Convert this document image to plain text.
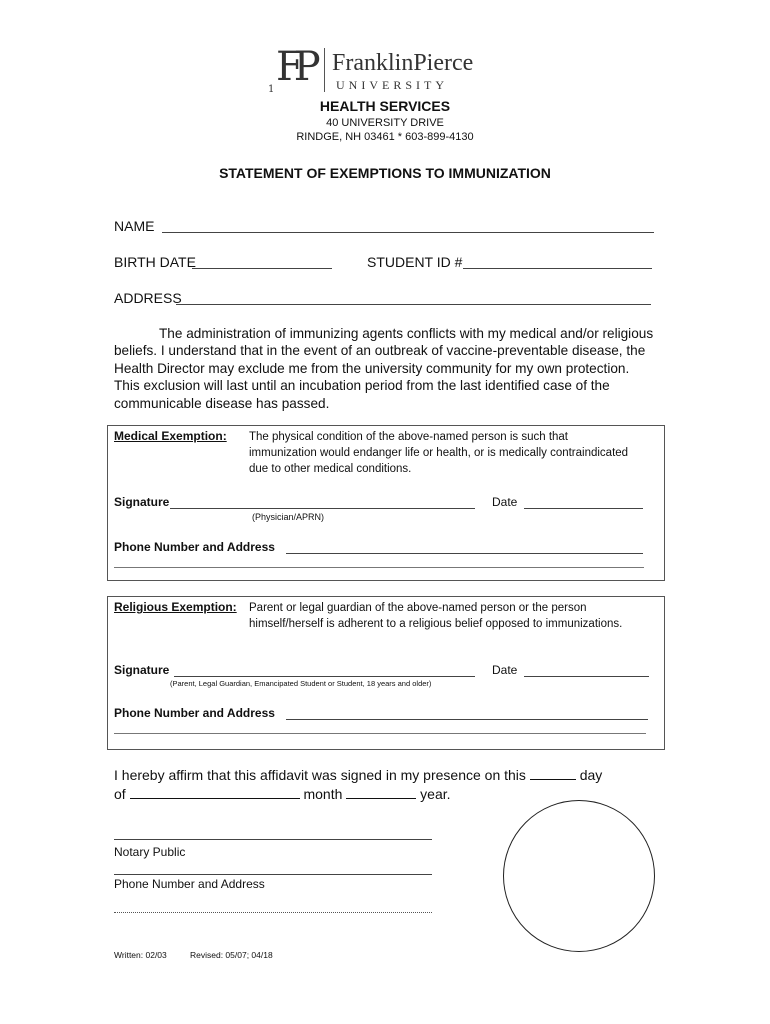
FP
1
FranklinPierce
UNIVERSITY
HEALTH SERVICES
40 UNIVERSITY DRIVE
RINDGE, NH 03461 * 603-899-4130
STATEMENT OF EXEMPTIONS TO IMMUNIZATION
NAME
BIRTH DATE	STUDENT ID #
ADDRESS
The administration of immunizing agents conflicts with my medical and/or religious beliefs. I understand that in the event of an outbreak of vaccine-preventable disease, the Health Director may exclude me from the university community for my own protection. This exclusion will last until an incubation period from the last identified case of the communicable disease has passed.
Medical Exemption: The physical condition of the above-named person is such that immunization would endanger life or health, or is medically contraindicated due to other medical conditions.
Signature
(Physician/APRN)
Date
Phone Number and Address
Religious Exemption: Parent or legal guardian of the above-named person or the person himself/herself is adherent to a religious belief opposed to immunizations.
Signature
(Parent, Legal Guardian, Emancipated Student or Student, 18 years and older)
Date
Phone Number and Address
I hereby affirm that this affidavit was signed in my presence on this	day
of	month	year.
Notary Public
Phone Number and Address
Written: 02/03	Revised: 05/07; 04/18
